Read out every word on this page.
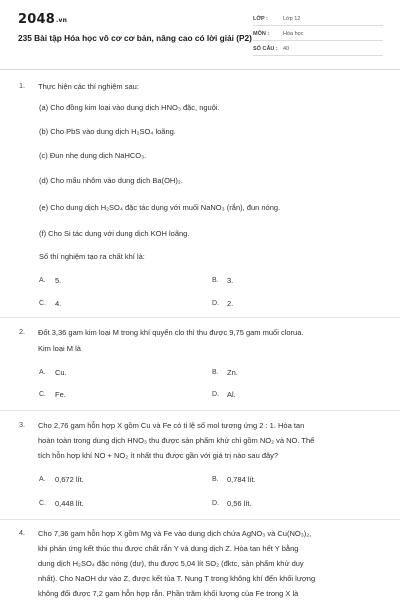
2048.vn
235 Bài tập Hóa học vô cơ cơ bản, nâng cao có lời giải (P2)
LỚP :	Lớp 12
MÔN :	Hóa học
SỐ CÂU : 40
1. Thực hiện các thí nghiệm sau:
(a) Cho đồng kim loại vào dung dịch HNO₃ đặc, nguội.
(b) Cho PbS vào dung dịch H₂SO₄ loãng.
(c) Đun nhẹ dung dịch NaHCO₃.
(d) Cho mẩu nhôm vào dung dịch Ba(OH)₂.
(e) Cho dung dịch H₂SO₄ đặc tác dụng với muối NaNO₃ (rắn), đun nóng.
(f) Cho Si tác dụng với dung dịch KOH loãng.
Số thí nghiệm tạo ra chất khí là:
A. 5.	B. 3.
C. 4.	D. 2.
2. Đốt 3,36 gam kim loại M trong khí quyển clo thì thu được 9,75 gam muối clorua.
Kim loại M là
A. Cu.	B. Zn.
C. Fe.	D. Al.
3. Cho 2,76 gam hỗn hợp X gồm Cu và Fe có tỉ lệ số mol tương ứng 2 : 1. Hòa tan
hoàn toàn trong dung dịch HNO₃ thu được sản phẩm khử chỉ gồm NO₂ và NO. Thể
tích hỗn hợp khí NO + NO₂ ít nhất thu được gần với giá trị nào sau đây?
A. 0,672 lít.	B. 0,784 lít.
C. 0,448 lít.	D. 0,56 lít.
4. Cho 7,36 gam hỗn hợp X gồm Mg và Fe vào dung dịch chứa AgNO₃ và Cu(NO₃)₂,
khi phản ứng kết thúc thu được chất rắn Y và dung dịch Z. Hòa tan hết Y bằng
dung dịch H₂SO₄ đặc nóng (dư), thu được 5,04 lít SO₂ (đktc, sản phẩm khử duy
nhất). Cho NaOH dư vào Z, được kết tủa T. Nung T trong không khí đến khối lượng
không đổi được 7,2 gam hỗn hợp rắn. Phần trăm khối lượng của Fe trong X là
